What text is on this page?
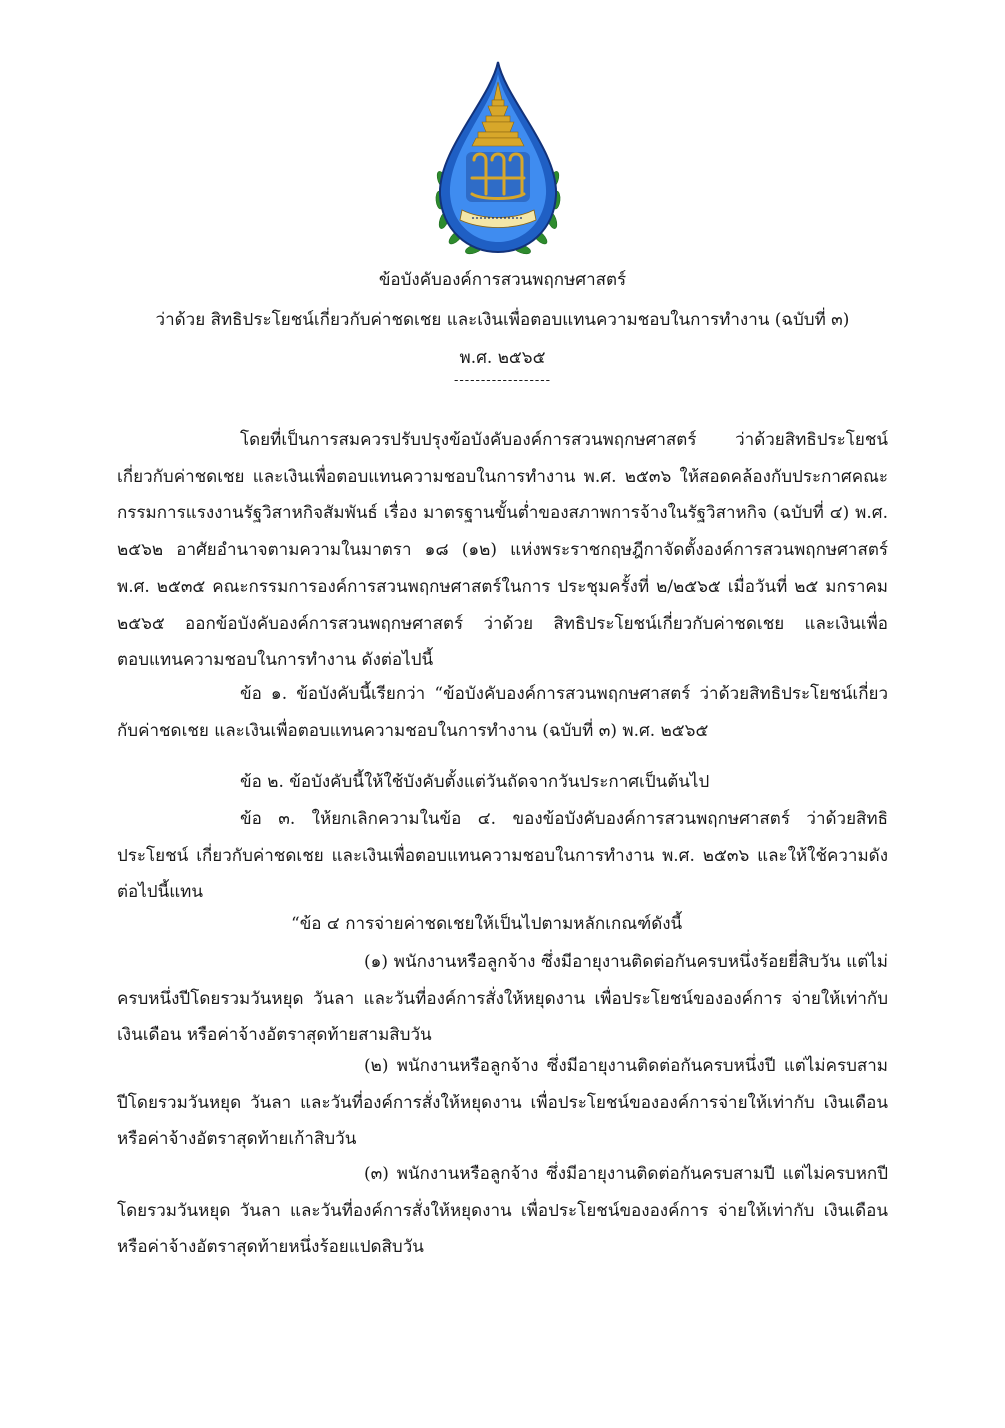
ข้อบังคับองค์การสวนพฤกษศาสตร์
ว่าด้วย สิทธิประโยชน์เกี่ยวกับค่าชดเชย และเงินเพื่อตอบแทนความชอบในการทำงาน (ฉบับที่ ๓)
พ.ศ. ๒๕๖๕
------------------

โดยที่เป็นการสมควรปรับปรุงข้อบังคับองค์การสวนพฤกษศาสตร์ ว่าด้วยสิทธิประโยชน์เกี่ยวกับค่าชดเชย และเงินเพื่อตอบแทนความชอบในการทำงาน พ.ศ. ๒๕๓๖ ให้สอดคล้องกับประกาศคณะกรรมการแรงงานรัฐวิสาหกิจสัมพันธ์ เรื่อง มาตรฐานขั้นต่ำของสภาพการจ้างในรัฐวิสาหกิจ (ฉบับที่ ๔) พ.ศ. ๒๕๖๒ อาศัยอำนาจตามความในมาตรา ๑๘ (๑๒) แห่งพระราชกฤษฎีกาจัดตั้งองค์การสวนพฤกษศาสตร์ พ.ศ. ๒๕๓๕ คณะกรรมการองค์การสวนพฤกษศาสตร์ในการ ประชุมครั้งที่ ๒/๒๕๖๕ เมื่อวันที่ ๒๕ มกราคม ๒๕๖๕ ออกข้อบังคับองค์การสวนพฤกษศาสตร์ ว่าด้วย สิทธิประโยชน์เกี่ยวกับค่าชดเชย และเงินเพื่อตอบแทนความชอบในการทำงาน ดังต่อไปนี้

ข้อ ๑. ข้อบังคับนี้เรียกว่า “ข้อบังคับองค์การสวนพฤกษศาสตร์ ว่าด้วยสิทธิประโยชน์เกี่ยวกับค่าชดเชย และเงินเพื่อตอบแทนความชอบในการทำงาน (ฉบับที่ ๓) พ.ศ. ๒๕๖๕

ข้อ ๒. ข้อบังคับนี้ให้ใช้บังคับตั้งแต่วันถัดจากวันประกาศเป็นต้นไป

ข้อ ๓. ให้ยกเลิกความในข้อ ๔. ของข้อบังคับองค์การสวนพฤกษศาสตร์ ว่าด้วยสิทธิประโยชน์ เกี่ยวกับค่าชดเชย และเงินเพื่อตอบแทนความชอบในการทำงาน พ.ศ. ๒๕๓๖ และให้ใช้ความดังต่อไปนี้แทน

“ข้อ ๔ การจ่ายค่าชดเชยให้เป็นไปตามหลักเกณฑ์ดังนี้

(๑) พนักงานหรือลูกจ้าง ซึ่งมีอายุงานติดต่อกันครบหนึ่งร้อยยี่สิบวัน แต่ไม่ครบหนึ่งปีโดยรวมวันหยุด วันลา และวันที่องค์การสั่งให้หยุดงาน เพื่อประโยชน์ขององค์การ จ่ายให้เท่ากับเงินเดือน หรือค่าจ้างอัตราสุดท้ายสามสิบวัน

(๒) พนักงานหรือลูกจ้าง ซึ่งมีอายุงานติดต่อกันครบหนึ่งปี แต่ไม่ครบสามปีโดยรวมวันหยุด วันลา และวันที่องค์การสั่งให้หยุดงาน เพื่อประโยชน์ขององค์การจ่ายให้เท่ากับ เงินเดือน หรือค่าจ้างอัตราสุดท้ายเก้าสิบวัน

(๓) พนักงานหรือลูกจ้าง ซึ่งมีอายุงานติดต่อกันครบสามปี แต่ไม่ครบหกปีโดยรวมวันหยุด วันลา และวันที่องค์การสั่งให้หยุดงาน เพื่อประโยชน์ขององค์การ จ่ายให้เท่ากับ เงินเดือนหรือค่าจ้างอัตราสุดท้ายหนึ่งร้อยแปดสิบวัน
